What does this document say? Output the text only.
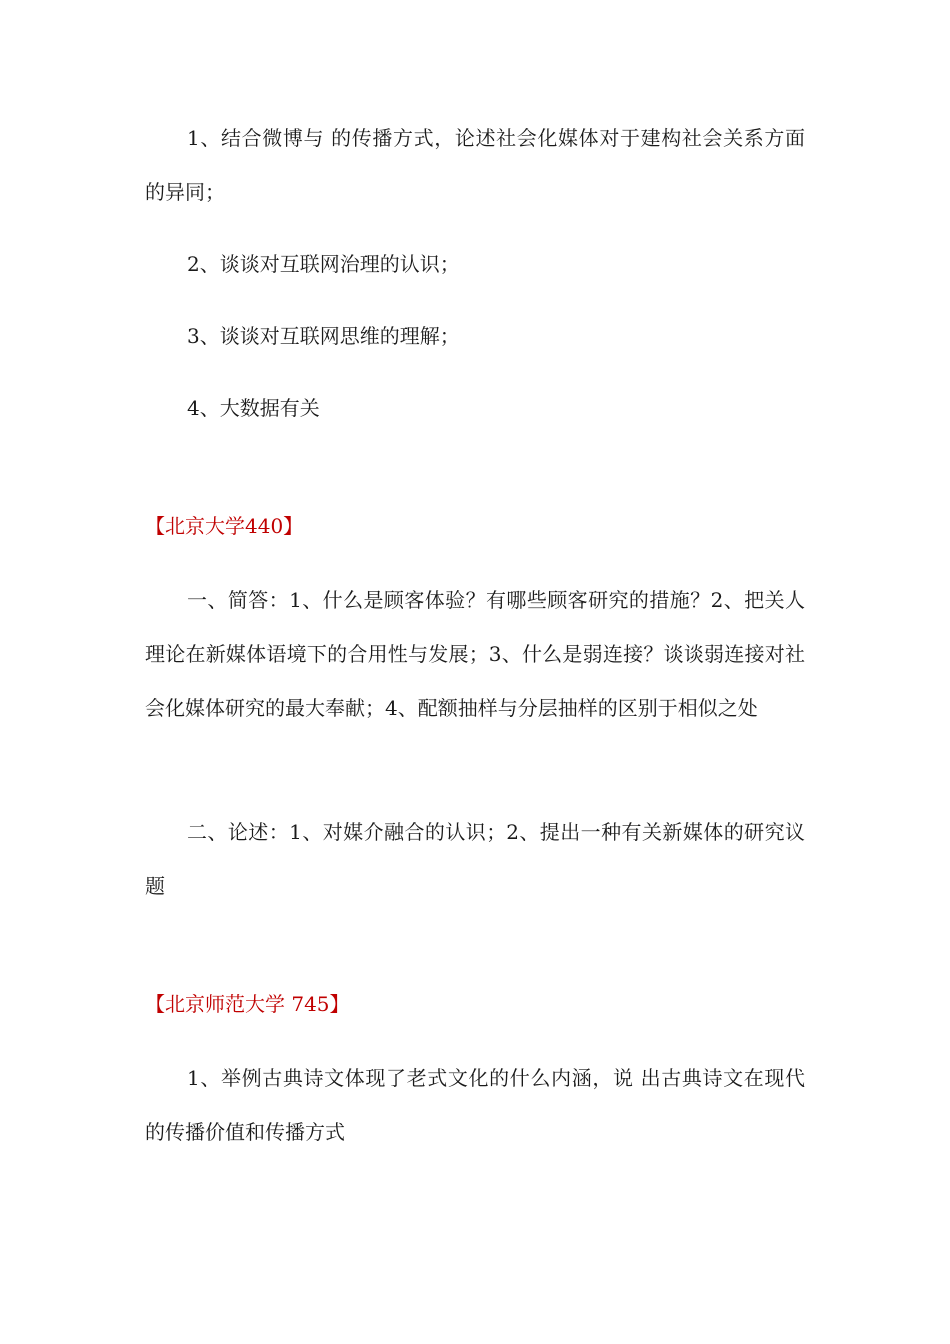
1、结合微博与 的传播方式，论述社会化媒体对于建构社会关系方面的异同；

2、谈谈对互联网治理的认识；

3、谈谈对互联网思维的理解；

4、大数据有关

【北京大学440】

一、简答：1、什么是顾客体验？有哪些顾客研究的措施？2、把关人理论在新媒体语境下的合用性与发展；3、什么是弱连接？谈谈弱连接对社会化媒体研究的最大奉献；4、配额抽样与分层抽样的区别于相似之处

二、论述：1、对媒介融合的认识；2、提出一种有关新媒体的研究议题

【北京师范大学 745】

1、举例古典诗文体现了老式文化的什么内涵，说 出古典诗文在现代的传播价值和传播方式
